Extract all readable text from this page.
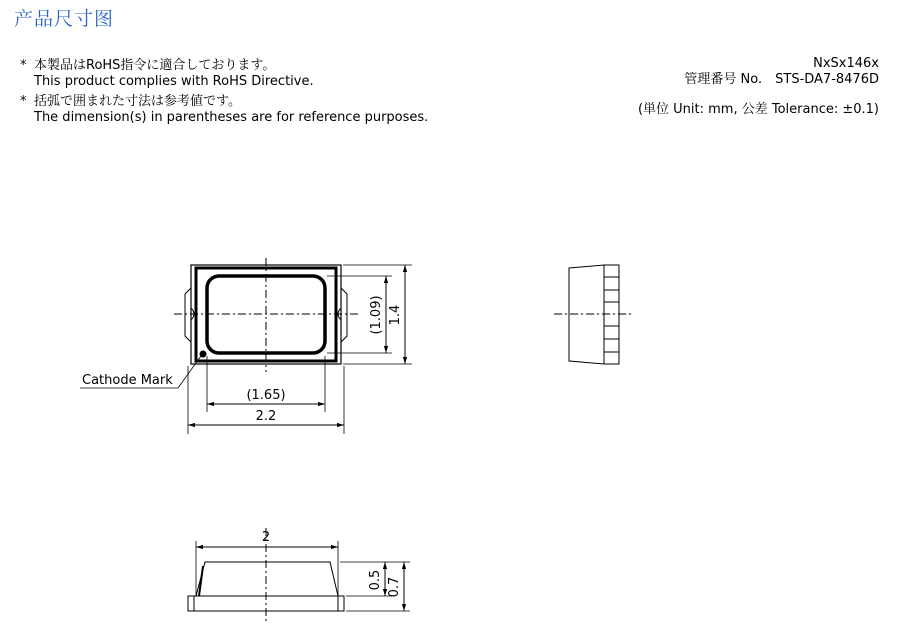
产品尺寸图
* 本製品はRoHS指令に適合しております。
This product complies with RoHS Directive.
* 括弧で囲まれた寸法は参考値です。
The dimension(s) in parentheses are for reference purposes.
NxSx146x
管理番号 No.　STS-DA7-8476D
(単位 Unit: mm, 公差 Tolerance: ±0.1)
(1.65)
2.2
(1.09) 1.4
Cathode Mark
2
0.5 0.7
